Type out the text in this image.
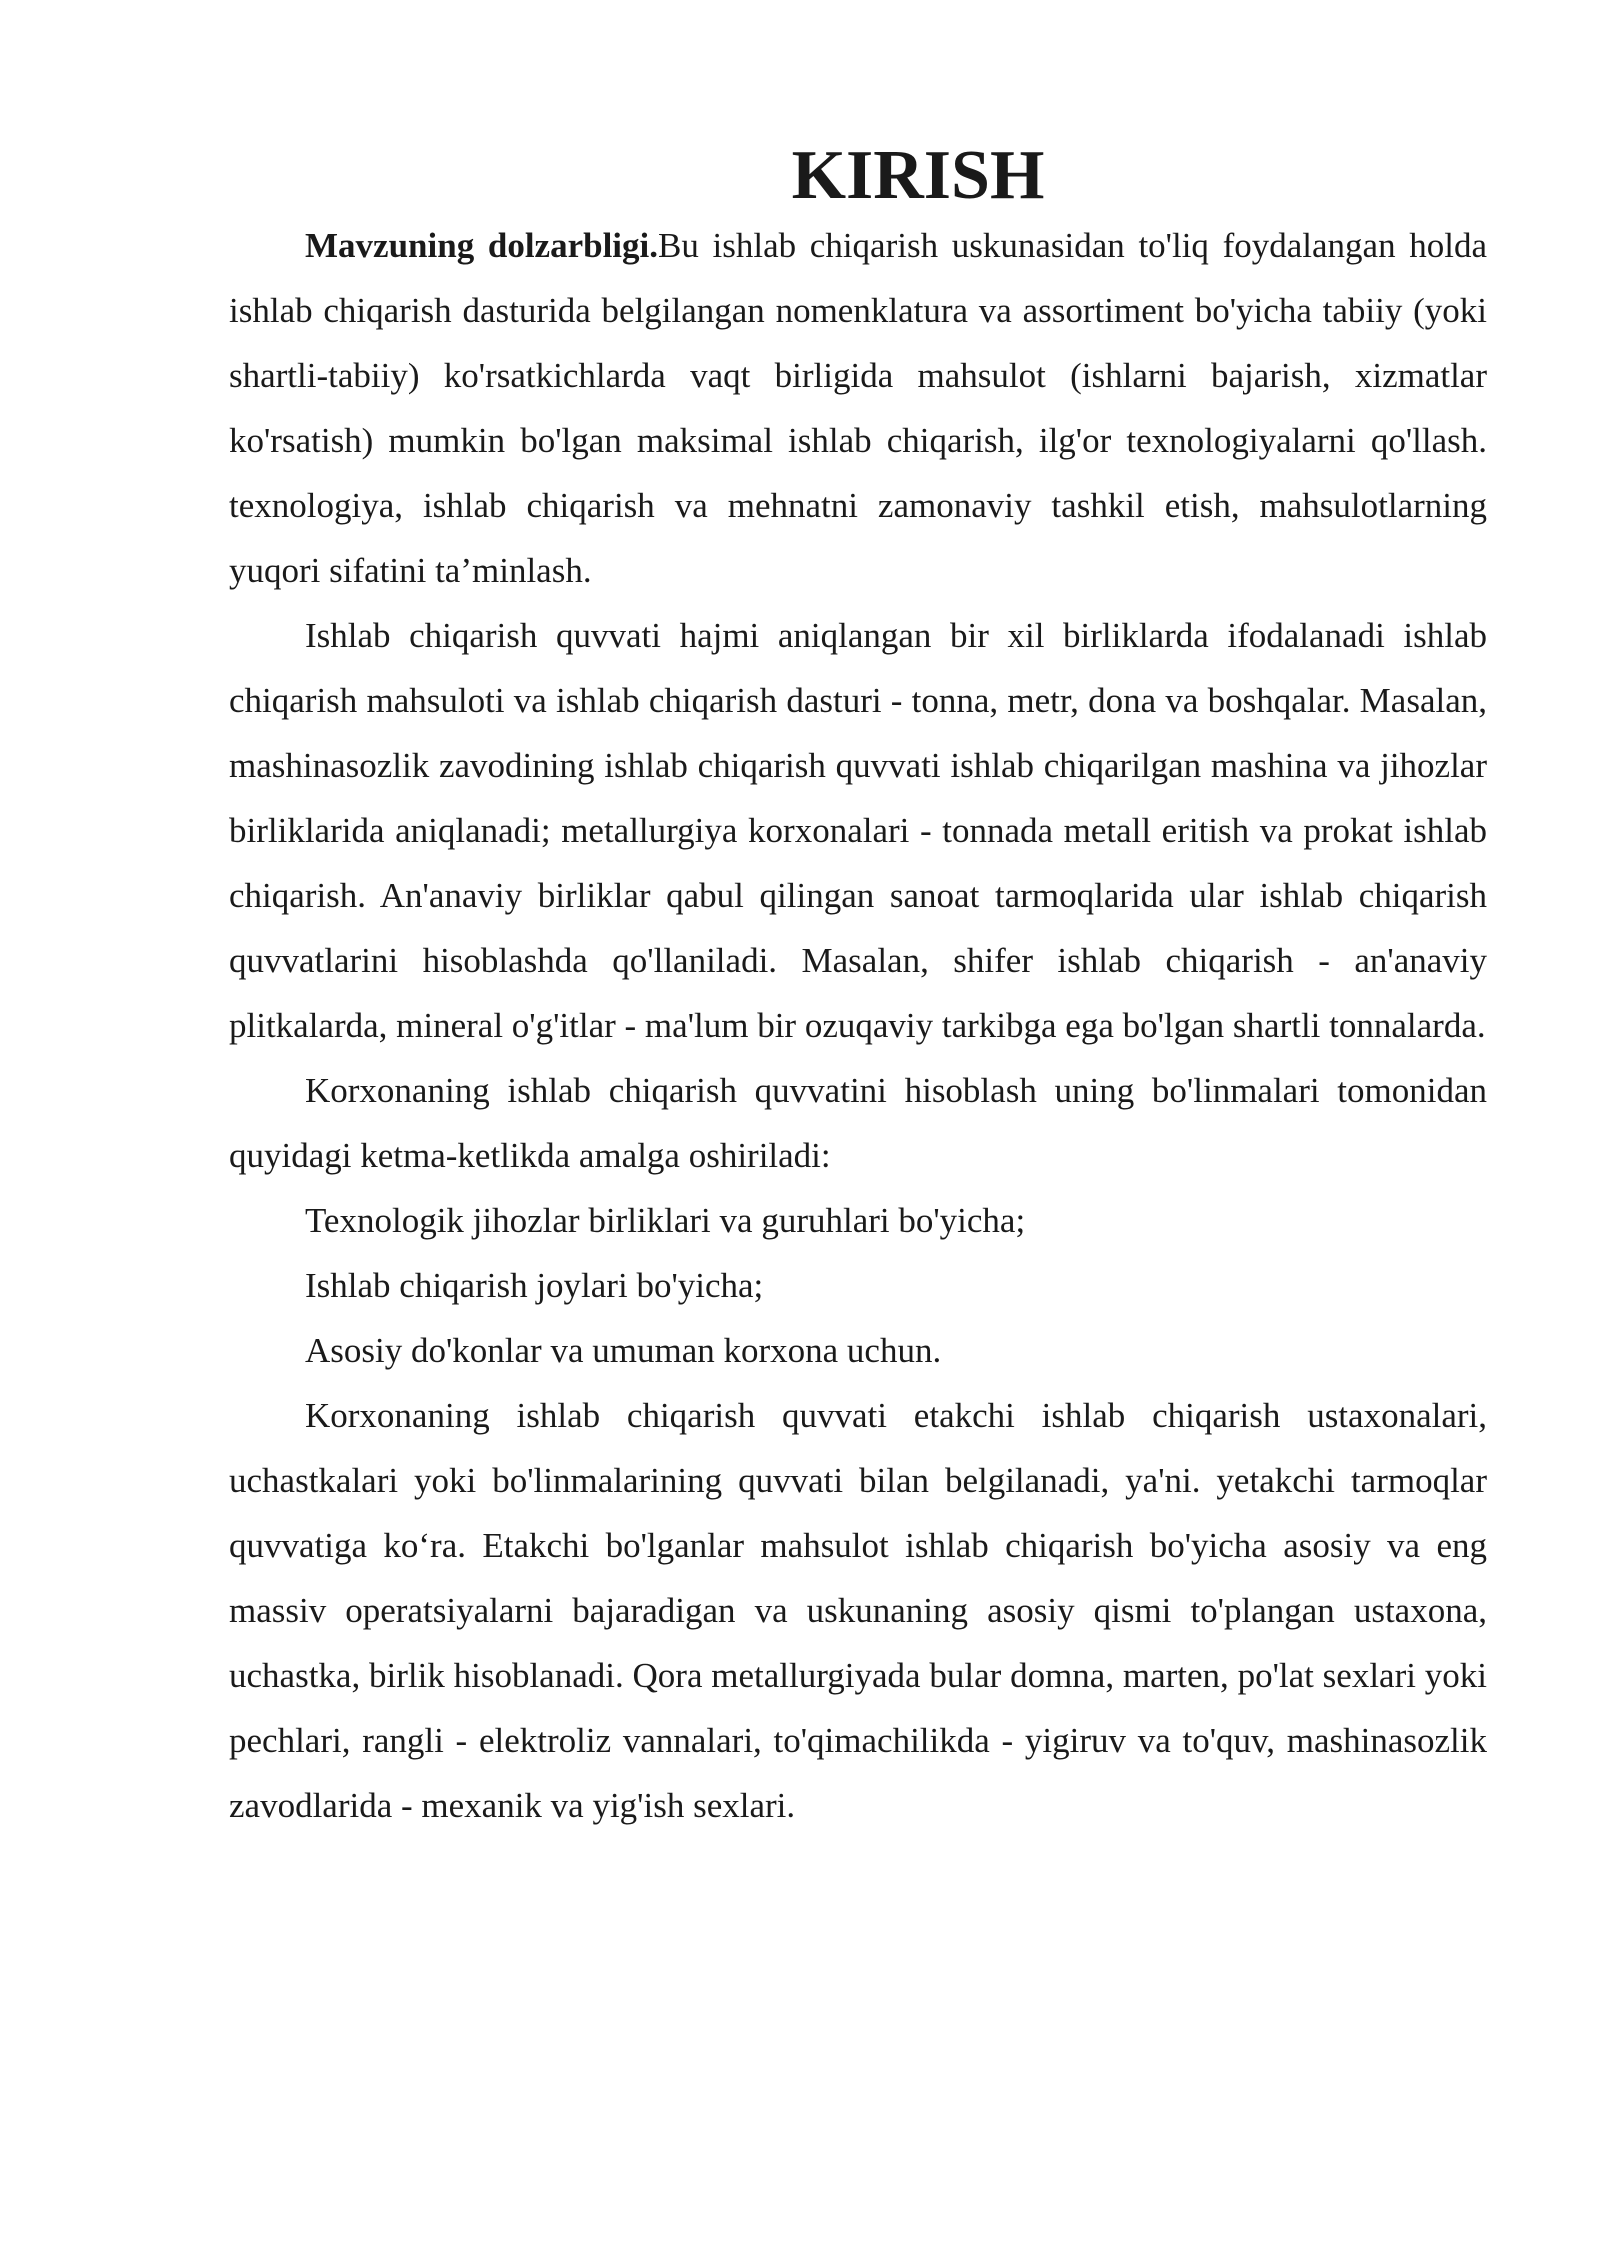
KIRISH

Mavzuning dolzarbligi.Bu ishlab chiqarish uskunasidan to'liq foydalangan holda ishlab chiqarish dasturida belgilangan nomenklatura va assortiment bo'yicha tabiiy (yoki shartli-tabiiy) ko'rsatkichlarda vaqt birligida mahsulot (ishlarni bajarish, xizmatlar ko'rsatish) mumkin bo'lgan maksimal ishlab chiqarish, ilg'or texnologiyalarni qo'llash. texnologiya, ishlab chiqarish va mehnatni zamonaviy tashkil etish, mahsulotlarning yuqori sifatini ta’minlash.

Ishlab chiqarish quvvati hajmi aniqlangan bir xil birliklarda ifodalanadi ishlab chiqarish mahsuloti va ishlab chiqarish dasturi - tonna, metr, dona va boshqalar. Masalan, mashinasozlik zavodining ishlab chiqarish quvvati ishlab chiqarilgan mashina va jihozlar birliklarida aniqlanadi; metallurgiya korxonalari - tonnada metall eritish va prokat ishlab chiqarish. An'anaviy birliklar qabul qilingan sanoat tarmoqlarida ular ishlab chiqarish quvvatlarini hisoblashda qo'llaniladi. Masalan, shifer ishlab chiqarish - an'anaviy plitkalarda, mineral o'g'itlar - ma'lum bir ozuqaviy tarkibga ega bo'lgan shartli tonnalarda.

Korxonaning ishlab chiqarish quvvatini hisoblash uning bo'linmalari tomonidan quyidagi ketma-ketlikda amalga oshiriladi:

Texnologik jihozlar birliklari va guruhlari bo'yicha;

Ishlab chiqarish joylari bo'yicha;

Asosiy do'konlar va umuman korxona uchun.

Korxonaning ishlab chiqarish quvvati etakchi ishlab chiqarish ustaxonalari, uchastkalari yoki bo'linmalarining quvvati bilan belgilanadi, ya'ni. yetakchi tarmoqlar quvvatiga ko‘ra. Etakchi bo'lganlar mahsulot ishlab chiqarish bo'yicha asosiy va eng massiv operatsiyalarni bajaradigan va uskunaning asosiy qismi to'plangan ustaxona, uchastka, birlik hisoblanadi. Qora metallurgiyada bular domna, marten, po'lat sexlari yoki pechlari, rangli - elektroliz vannalari, to'qimachilikda - yigiruv va to'quv, mashinasozlik zavodlarida - mexanik va yig'ish sexlari.
